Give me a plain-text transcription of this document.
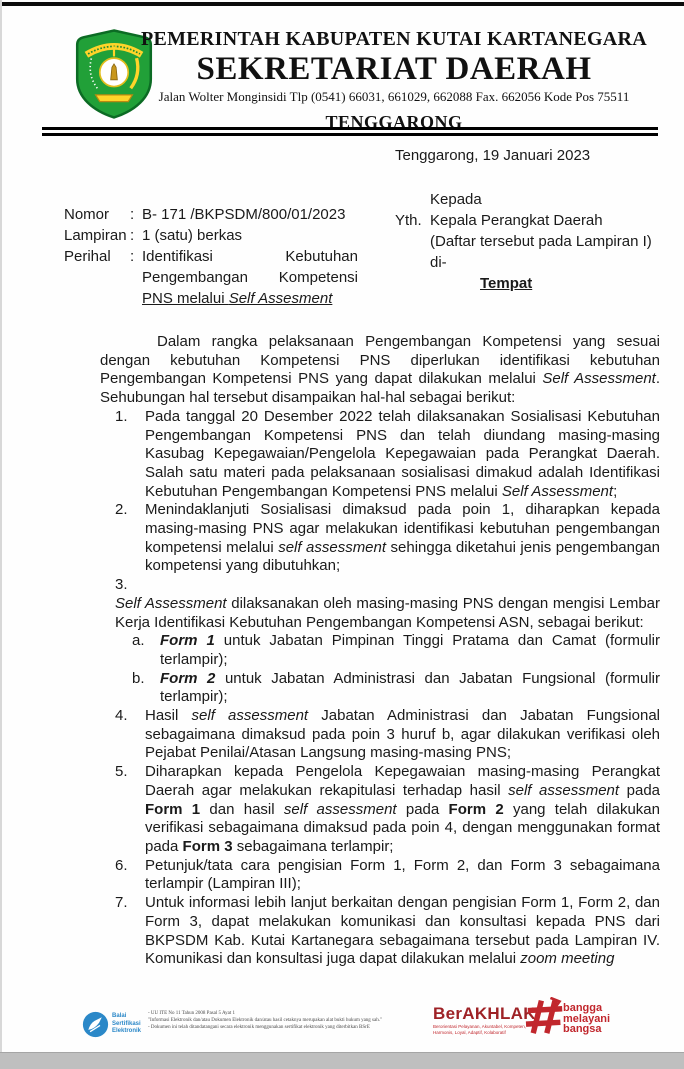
PEMERINTAH KABUPATEN KUTAI KARTANEGARA
SEKRETARIAT DAERAH
Jalan Wolter Monginsidi Tlp (0541) 66031, 661029, 662088 Fax. 662056 Kode Pos 75511
TENGGARONG
Tenggarong, 19 Januari 2023
Kepada
Yth. Kepala Perangkat Daerah
(Daftar tersebut pada Lampiran I)
di-
Tempat
Nomor	: B- 171 /BKPSDM/800/01/2023
Lampiran : 1 (satu) berkas
Perihal	: Identifikasi	Kebutuhan
Pengembangan Kompetensi
PNS melalui Self Assesment
Dalam rangka pelaksanaan Pengembangan Kompetensi yang sesuai dengan kebutuhan Kompetensi PNS diperlukan identifikasi kebutuhan Pengembangan Kompetensi PNS yang dapat dilakukan melalui Self Assessment. Sehubungan hal tersebut disampaikan hal-hal sebagai berikut:
1.	Pada tanggal 20 Desember 2022 telah dilaksanakan Sosialisasi Kebutuhan Pengembangan Kompetensi PNS dan telah diundang masing-masing Kasubag Kepegawaian/Pengelola Kepegawaian pada Perangkat Daerah. Salah satu materi pada pelaksanaan sosialisasi dimakud adalah Identifikasi Kebutuhan Pengembangan Kompetensi PNS melalui Self Assessment;
2.	Menindaklanjuti Sosialisasi dimaksud pada poin 1, diharapkan kepada masing-masing PNS agar melakukan identifikasi kebutuhan pengembangan kompetensi melalui self assessment sehingga diketahui jenis pengembangan kompetensi yang dibutuhkan;
3.
Self Assessment dilaksanakan oleh masing-masing PNS dengan mengisi Lembar Kerja Identifikasi Kebutuhan Pengembangan Kompetensi ASN, sebagai berikut:
a.	Form 1 untuk Jabatan Pimpinan Tinggi Pratama dan Camat (formulir terlampir);
b.	Form 2 untuk Jabatan Administrasi dan Jabatan Fungsional (formulir terlampir);
4.	Hasil self assessment Jabatan Administrasi dan Jabatan Fungsional sebagaimana dimaksud pada poin 3 huruf b, agar dilakukan verifikasi oleh Pejabat Penilai/Atasan Langsung masing-masing PNS;
5.	Diharapkan kepada Pengelola Kepegawaian masing-masing Perangkat Daerah agar melakukan rekapitulasi terhadap hasil self assessment pada Form 1 dan hasil self assessment pada Form 2 yang telah dilakukan verifikasi sebagaimana dimaksud pada poin 4, dengan menggunakan format pada Form 3 sebagaimana terlampir;
6.	Petunjuk/tata cara pengisian Form 1, Form 2, dan Form 3 sebagaimana terlampir (Lampiran III);
7.	Untuk informasi lebih lanjut berkaitan dengan pengisian Form 1, Form 2, dan Form 3, dapat melakukan komunikasi dan konsultasi kepada PNS dari BKPSDM Kab. Kutai Kartanegara sebagaimana tersebut pada Lampiran IV. Komunikasi dan konsultasi juga dapat dilakukan melalui zoom meeting
Balai
Sertifikasi
Elektronik
- UU ITE No 11 Tahun 2008 Pasal 5 Ayat 1
"Informasi Elektronik dan/atau Dokumen Elektronik dan/atau hasil cetaknya merupakan alat bukti hukum yang sah."
- Dokumen ini telah ditandatangani secara elektronik menggunakan sertifikat elektronik yang diterbitkan BSrE
BerAKHLAK
Berorientasi Pelayanan, Akuntabel, Kompeten,
Harmonis, Loyal, Adaptif, Kolaboratif
bangga
melayani
bangsa
